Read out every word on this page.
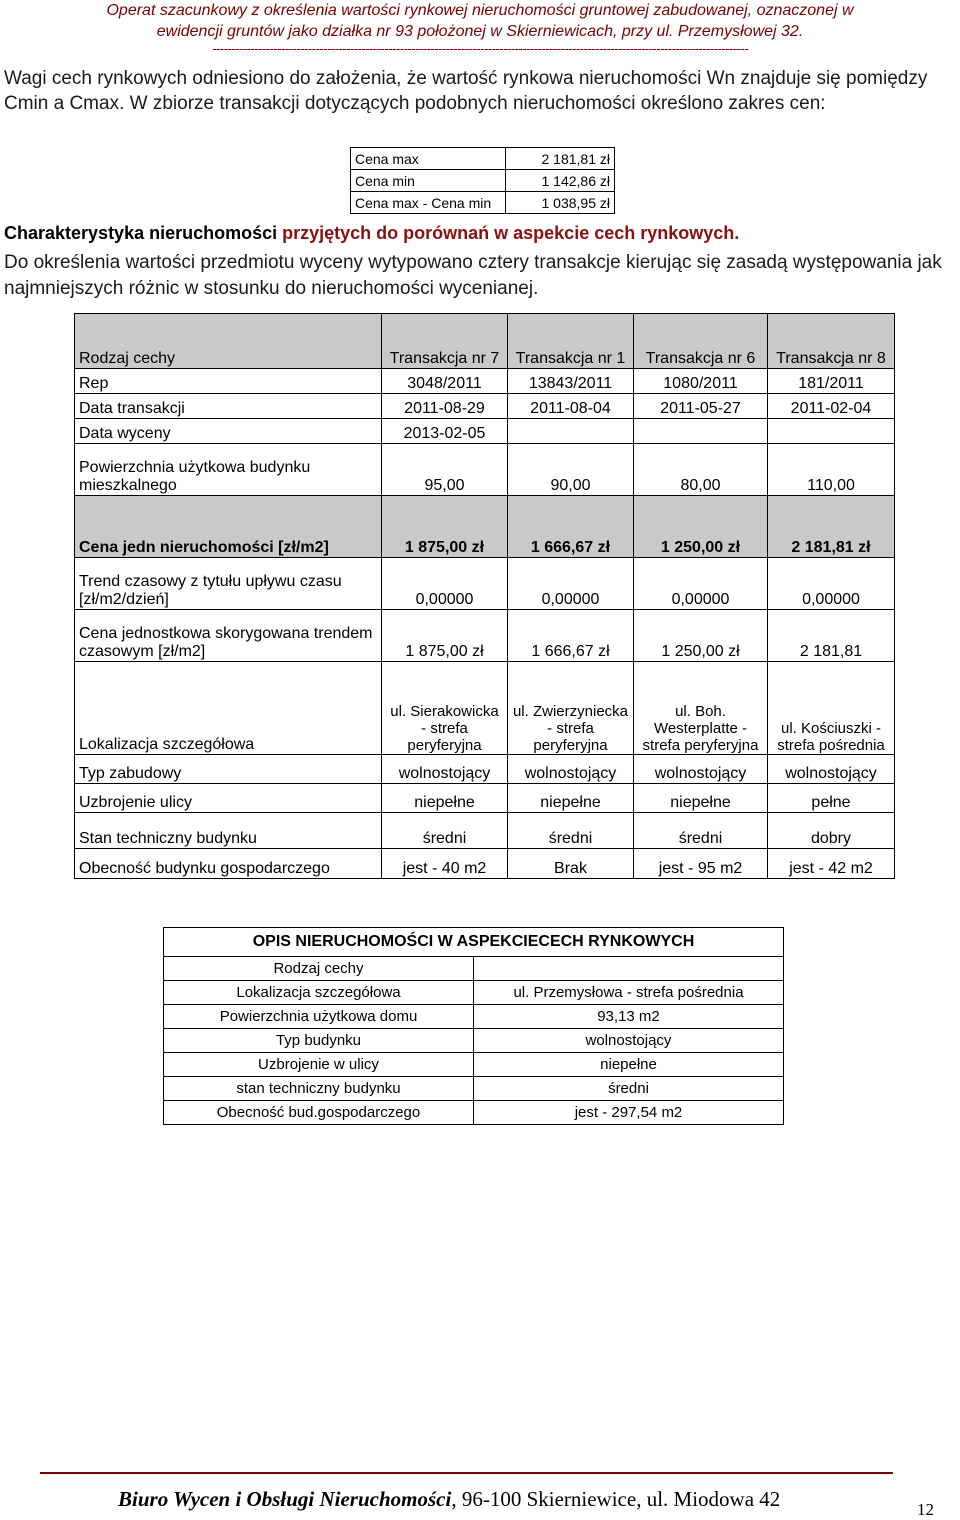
Operat szacunkowy z określenia wartości rynkowej nieruchomości gruntowej zabudowanej, oznaczonej w
ewidencji gruntów jako działka nr 93 położonej w Skierniewicach, przy ul. Przemysłowej 32.
--------------------------------------------------------------------------------------------------------------------------------------------
Wagi cech rynkowych odniesiono do założenia, że wartość rynkowa nieruchomości Wn znajduje się pomiędzy Cmin a Cmax. W zbiorze transakcji dotyczących podobnych nieruchomości określono zakres cen:
Cena max	2 181,81 zł
Cena min	1 142,86 zł
Cena max - Cena min	1 038,95 zł
Charakterystyka nieruchomości przyjętych do porównań w aspekcie cech rynkowych.
Do określenia wartości przedmiotu wyceny wytypowano cztery transakcje kierując się zasadą występowania jak najmniejszych różnic w stosunku do nieruchomości wycenianej.
Rodzaj cechy	Transakcja nr 7	Transakcja nr 1	Transakcja nr 6	Transakcja nr 8
Rep	3048/2011	13843/2011	1080/2011	181/2011
Data transakcji	2011-08-29	2011-08-04	2011-05-27	2011-02-04
Data wyceny	2013-02-05			
Powierzchnia użytkowa budynku mieszkalnego	95,00	90,00	80,00	110,00
Cena jedn nieruchomości [zł/m2]	1 875,00 zł	1 666,67 zł	1 250,00 zł	2 181,81 zł
Trend czasowy z tytułu upływu czasu [zł/m2/dzień]	0,00000	0,00000	0,00000	0,00000
Cena jednostkowa skorygowana trendem czasowym [zł/m2]	1 875,00 zł	1 666,67 zł	1 250,00 zł	2 181,81
Lokalizacja szczegółowa	ul. Sierakowicka - strefa peryferyjna	ul. Zwierzyniecka - strefa peryferyjna	ul. Boh. Westerplatte - strefa peryferyjna	ul. Kościuszki - strefa pośrednia
Typ zabudowy	wolnostojący	wolnostojący	wolnostojący	wolnostojący
Uzbrojenie ulicy	niepełne	niepełne	niepełne	pełne
Stan techniczny budynku	średni	średni	średni	dobry
Obecność budynku gospodarczego	jest - 40 m2	Brak	jest - 95 m2	jest - 42 m2
OPIS NIERUCHOMOŚCI W ASPEKCIECECH RYNKOWYCH	
Rodzaj cechy	
Lokalizacja szczegółowa	ul. Przemysłowa - strefa pośrednia
Powierzchnia użytkowa domu	93,13 m2
Typ budynku	wolnostojący
Uzbrojenie w ulicy	niepełne
stan techniczny budynku	średni
Obecność bud.gospodarczego	jest - 297,54 m2
Biuro Wycen i Obsługi Nieruchomości, 96-100 Skierniewice, ul. Miodowa 42	12
